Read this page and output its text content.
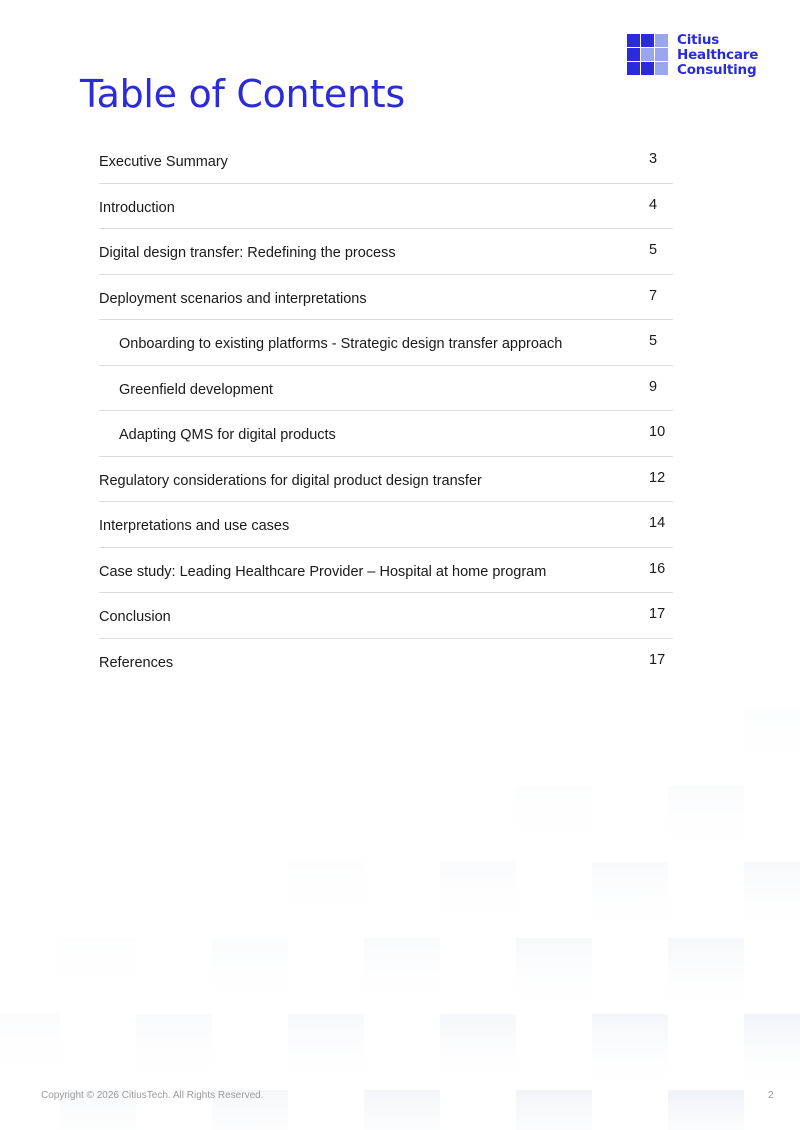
Citius
Healthcare
Consulting
Table of Contents
Executive Summary	3
Introduction	4
Digital design transfer: Redefining the process	5
Deployment scenarios and interpretations	7
Onboarding to existing platforms - Strategic design transfer approach	5
Greenfield development	9
Adapting QMS for digital products	10
Regulatory considerations for digital product design transfer	12
Interpretations and use cases	14
Case study: Leading Healthcare Provider – Hospital at home program	16
Conclusion	17
References	17
Copyright © 2026 CitiusTech. All Rights Reserved.	2
